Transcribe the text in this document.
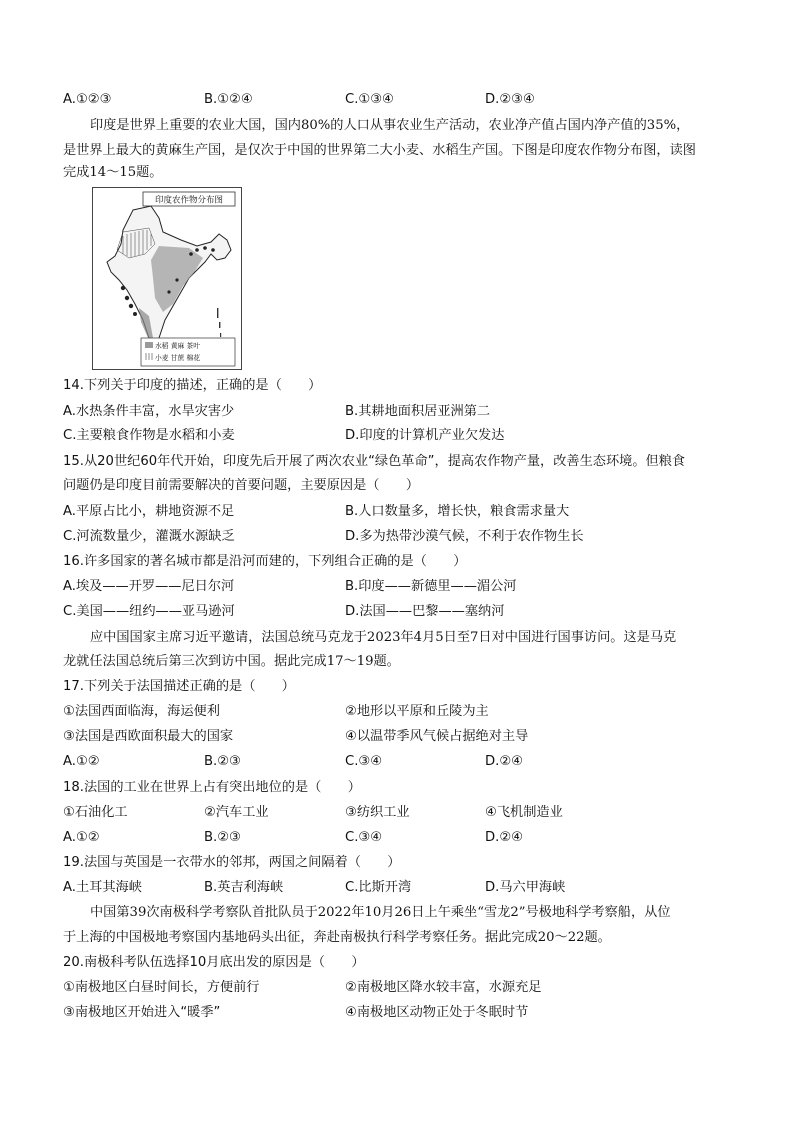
A.①②③	B.①②④	C.①③④	D.②③④
印度是世界上重要的农业大国，国内80%的人口从事农业生产活动，农业净产值占国内净产值的35%，
是世界上最大的黄麻生产国，是仅次于中国的世界第二大小麦、水稻生产国。下图是印度农作物分布图，读图
完成14～15题。
印度农作物分布图
水稻 黄麻 茶叶
小麦 甘蔗 棉花
14.下列关于印度的描述，正确的是（　　）
A.水热条件丰富，水旱灾害少	B.其耕地面积居亚洲第二
C.主要粮食作物是水稻和小麦	D.印度的计算机产业欠发达
15.从20世纪60年代开始，印度先后开展了两次农业“绿色革命”，提高农作物产量，改善生态环境。但粮食
问题仍是印度目前需要解决的首要问题，主要原因是（　　）
A.平原占比小，耕地资源不足	B.人口数量多，增长快，粮食需求量大
C.河流数量少，灌溉水源缺乏	D.多为热带沙漠气候，不利于农作物生长
16.许多国家的著名城市都是沿河而建的，下列组合正确的是（　　）
A.埃及——开罗——尼日尔河	B.印度——新德里——湄公河
C.美国——纽约——亚马逊河	D.法国——巴黎——塞纳河
应中国国家主席习近平邀请，法国总统马克龙于2023年4月5日至7日对中国进行国事访问。这是马克
龙就任法国总统后第三次到访中国。据此完成17～19题。
17.下列关于法国描述正确的是（　　）
①法国西面临海，海运便利	②地形以平原和丘陵为主
③法国是西欧面积最大的国家	④以温带季风气候占据绝对主导
A.①②	B.②③	C.③④	D.②④
18.法国的工业在世界上占有突出地位的是（　　）
①石油化工	②汽车工业	③纺织工业	④飞机制造业
A.①②	B.②③	C.③④	D.②④
19.法国与英国是一衣带水的邻邦，两国之间隔着（　　）
A.土耳其海峡	B.英吉利海峡	C.比斯开湾	D.马六甲海峡
中国第39次南极科学考察队首批队员于2022年10月26日上午乘坐“雪龙2”号极地科学考察船，从位
于上海的中国极地考察国内基地码头出征，奔赴南极执行科学考察任务。据此完成20～22题。
20.南极科考队伍选择10月底出发的原因是（　　）
①南极地区白昼时间长，方便前行	②南极地区降水较丰富，水源充足
③南极地区开始进入“暖季”	④南极地区动物正处于冬眠时节
